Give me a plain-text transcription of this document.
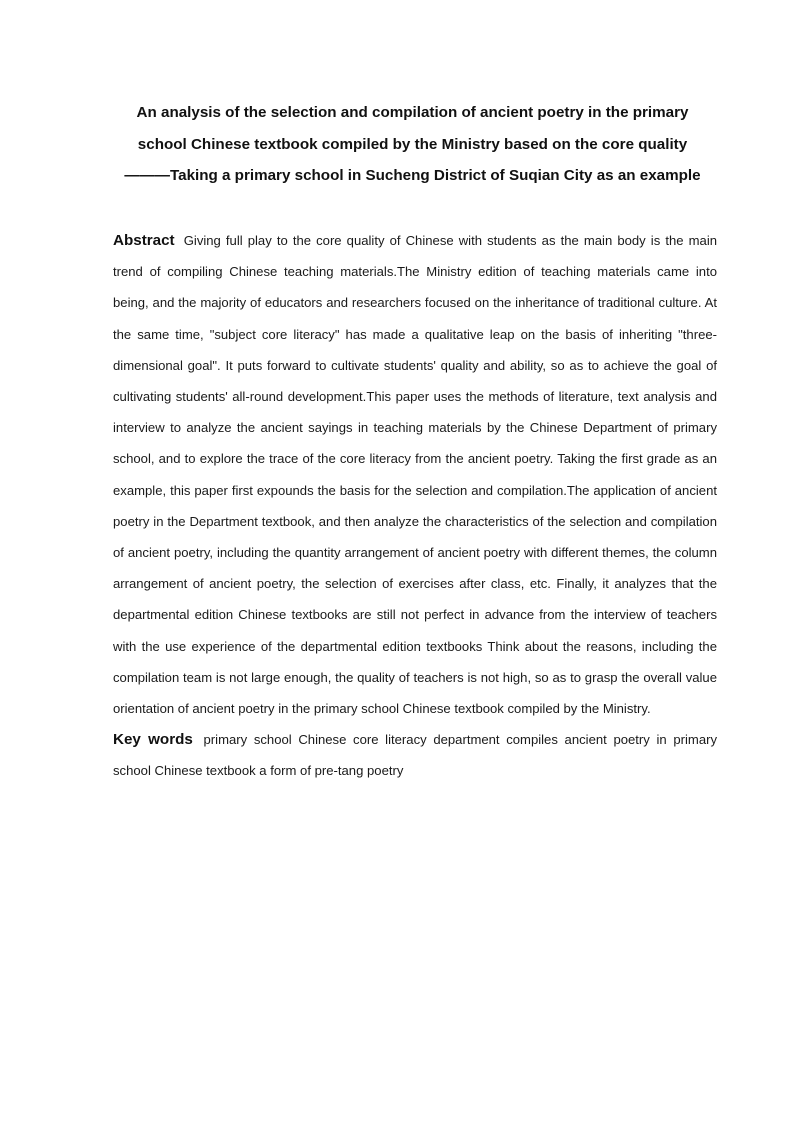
An analysis of the selection and compilation of ancient poetry in the primary
school Chinese textbook compiled by the Ministry based on the core quality
———Taking a primary school in Sucheng District of Suqian City as an example

Abstract Giving full play to the core quality of Chinese with students as the main body is the main trend of compiling Chinese teaching materials.The Ministry edition of teaching materials came into being, and the majority of educators and researchers focused on the inheritance of traditional culture. At the same time, "subject core literacy" has made a qualitative leap on the basis of inheriting "three-dimensional goal". It puts forward to cultivate students' quality and ability, so as to achieve the goal of cultivating students' all-round development.This paper uses the methods of literature, text analysis and interview to analyze the ancient sayings in teaching materials by the Chinese Department of primary school, and to explore the trace of the core literacy from the ancient poetry. Taking the first grade as an example, this paper first expounds the basis for the selection and compilation.The application of ancient poetry in the Department textbook, and then analyze the characteristics of the selection and compilation of ancient poetry, including the quantity arrangement of ancient poetry with different themes, the column arrangement of ancient poetry, the selection of exercises after class, etc. Finally, it analyzes that the departmental edition Chinese textbooks are still not perfect in advance from the interview of teachers with the use experience of the departmental edition textbooks Think about the reasons, including the compilation team is not large enough, the quality of teachers is not high, so as to grasp the overall value orientation of ancient poetry in the primary school Chinese textbook compiled by the Ministry.

Key words primary school Chinese core literacy department compiles ancient poetry in primary school Chinese textbook a form of pre-tang poetry
